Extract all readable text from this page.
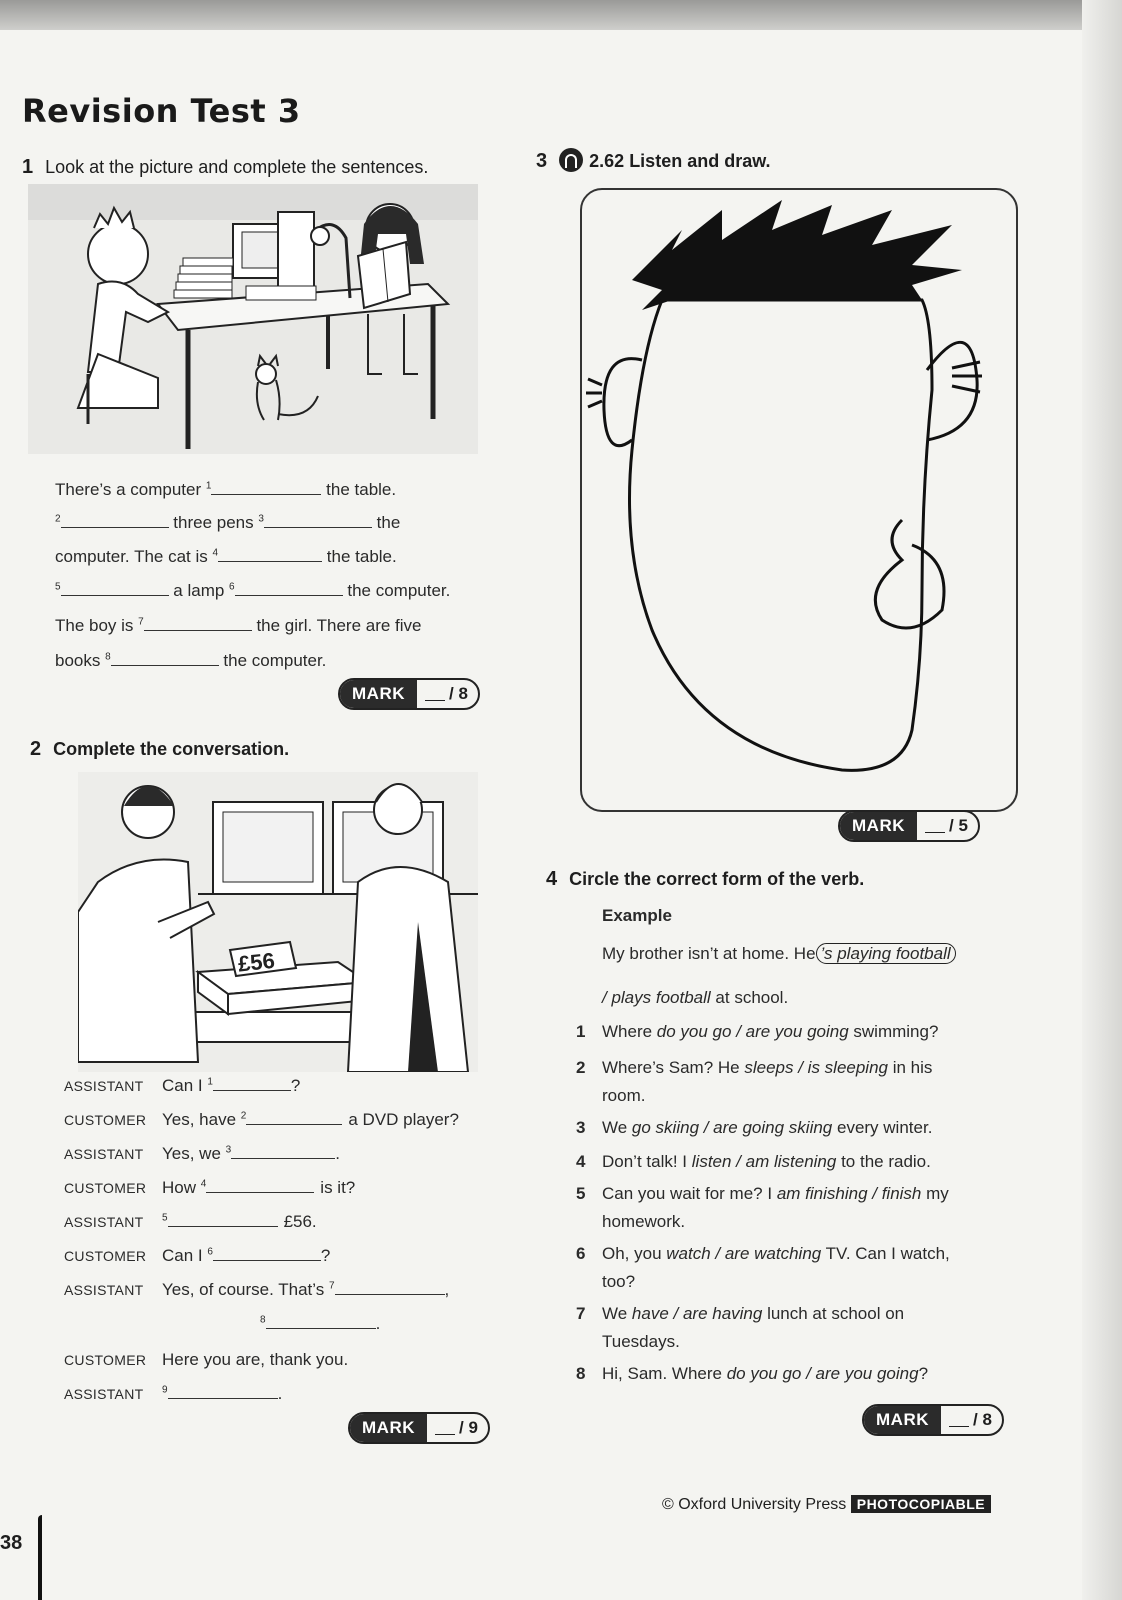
Revision Test 3
1 Look at the picture and complete the sentences.
There’s a computer $^1$	the table.
$^2$	three pens $^3$	the
computer. The cat is $^4$	the table.
$^5$	a lamp $^6$	the computer.
The boy is $^7$	the girl. There are five
books $^8$	the computer.
MARK	/ 8
2 Complete the conversation.
£56
ASSISTANT Can I $^1$	?
CUSTOMER Yes, have $^2$	a DVD player?
ASSISTANT Yes, we $^3$	.
CUSTOMER How $^4$	is it?
ASSISTANT $^5$	£56.
CUSTOMER Can I $^6$	?
ASSISTANT Yes, of course. That’s $^7$	,
$^8$	.
CUSTOMER Here you are, thank you.
ASSISTANT $^9$	.
MARK	/ 9
3 2.62 Listen and draw.
MARK	/ 5
4 Circle the correct form of the verb.
Example
My brother isn’t at home. He ’s playing football
/ plays football at school.
1 Where do you go / are you going swimming?
2 Where’s Sam? He sleeps / is sleeping in his
room.
3 We go skiing / are going skiing every winter.
4 Don’t talk! I listen / am listening to the radio.
5 Can you wait for me? I am finishing / finish my
homework.
6 Oh, you watch / are watching TV. Can I watch,
too?
7 We have / are having lunch at school on
Tuesdays.
8 Hi, Sam. Where do you go / are you going?
MARK	/ 8
© Oxford University Press PHOTOCOPIABLE
38
